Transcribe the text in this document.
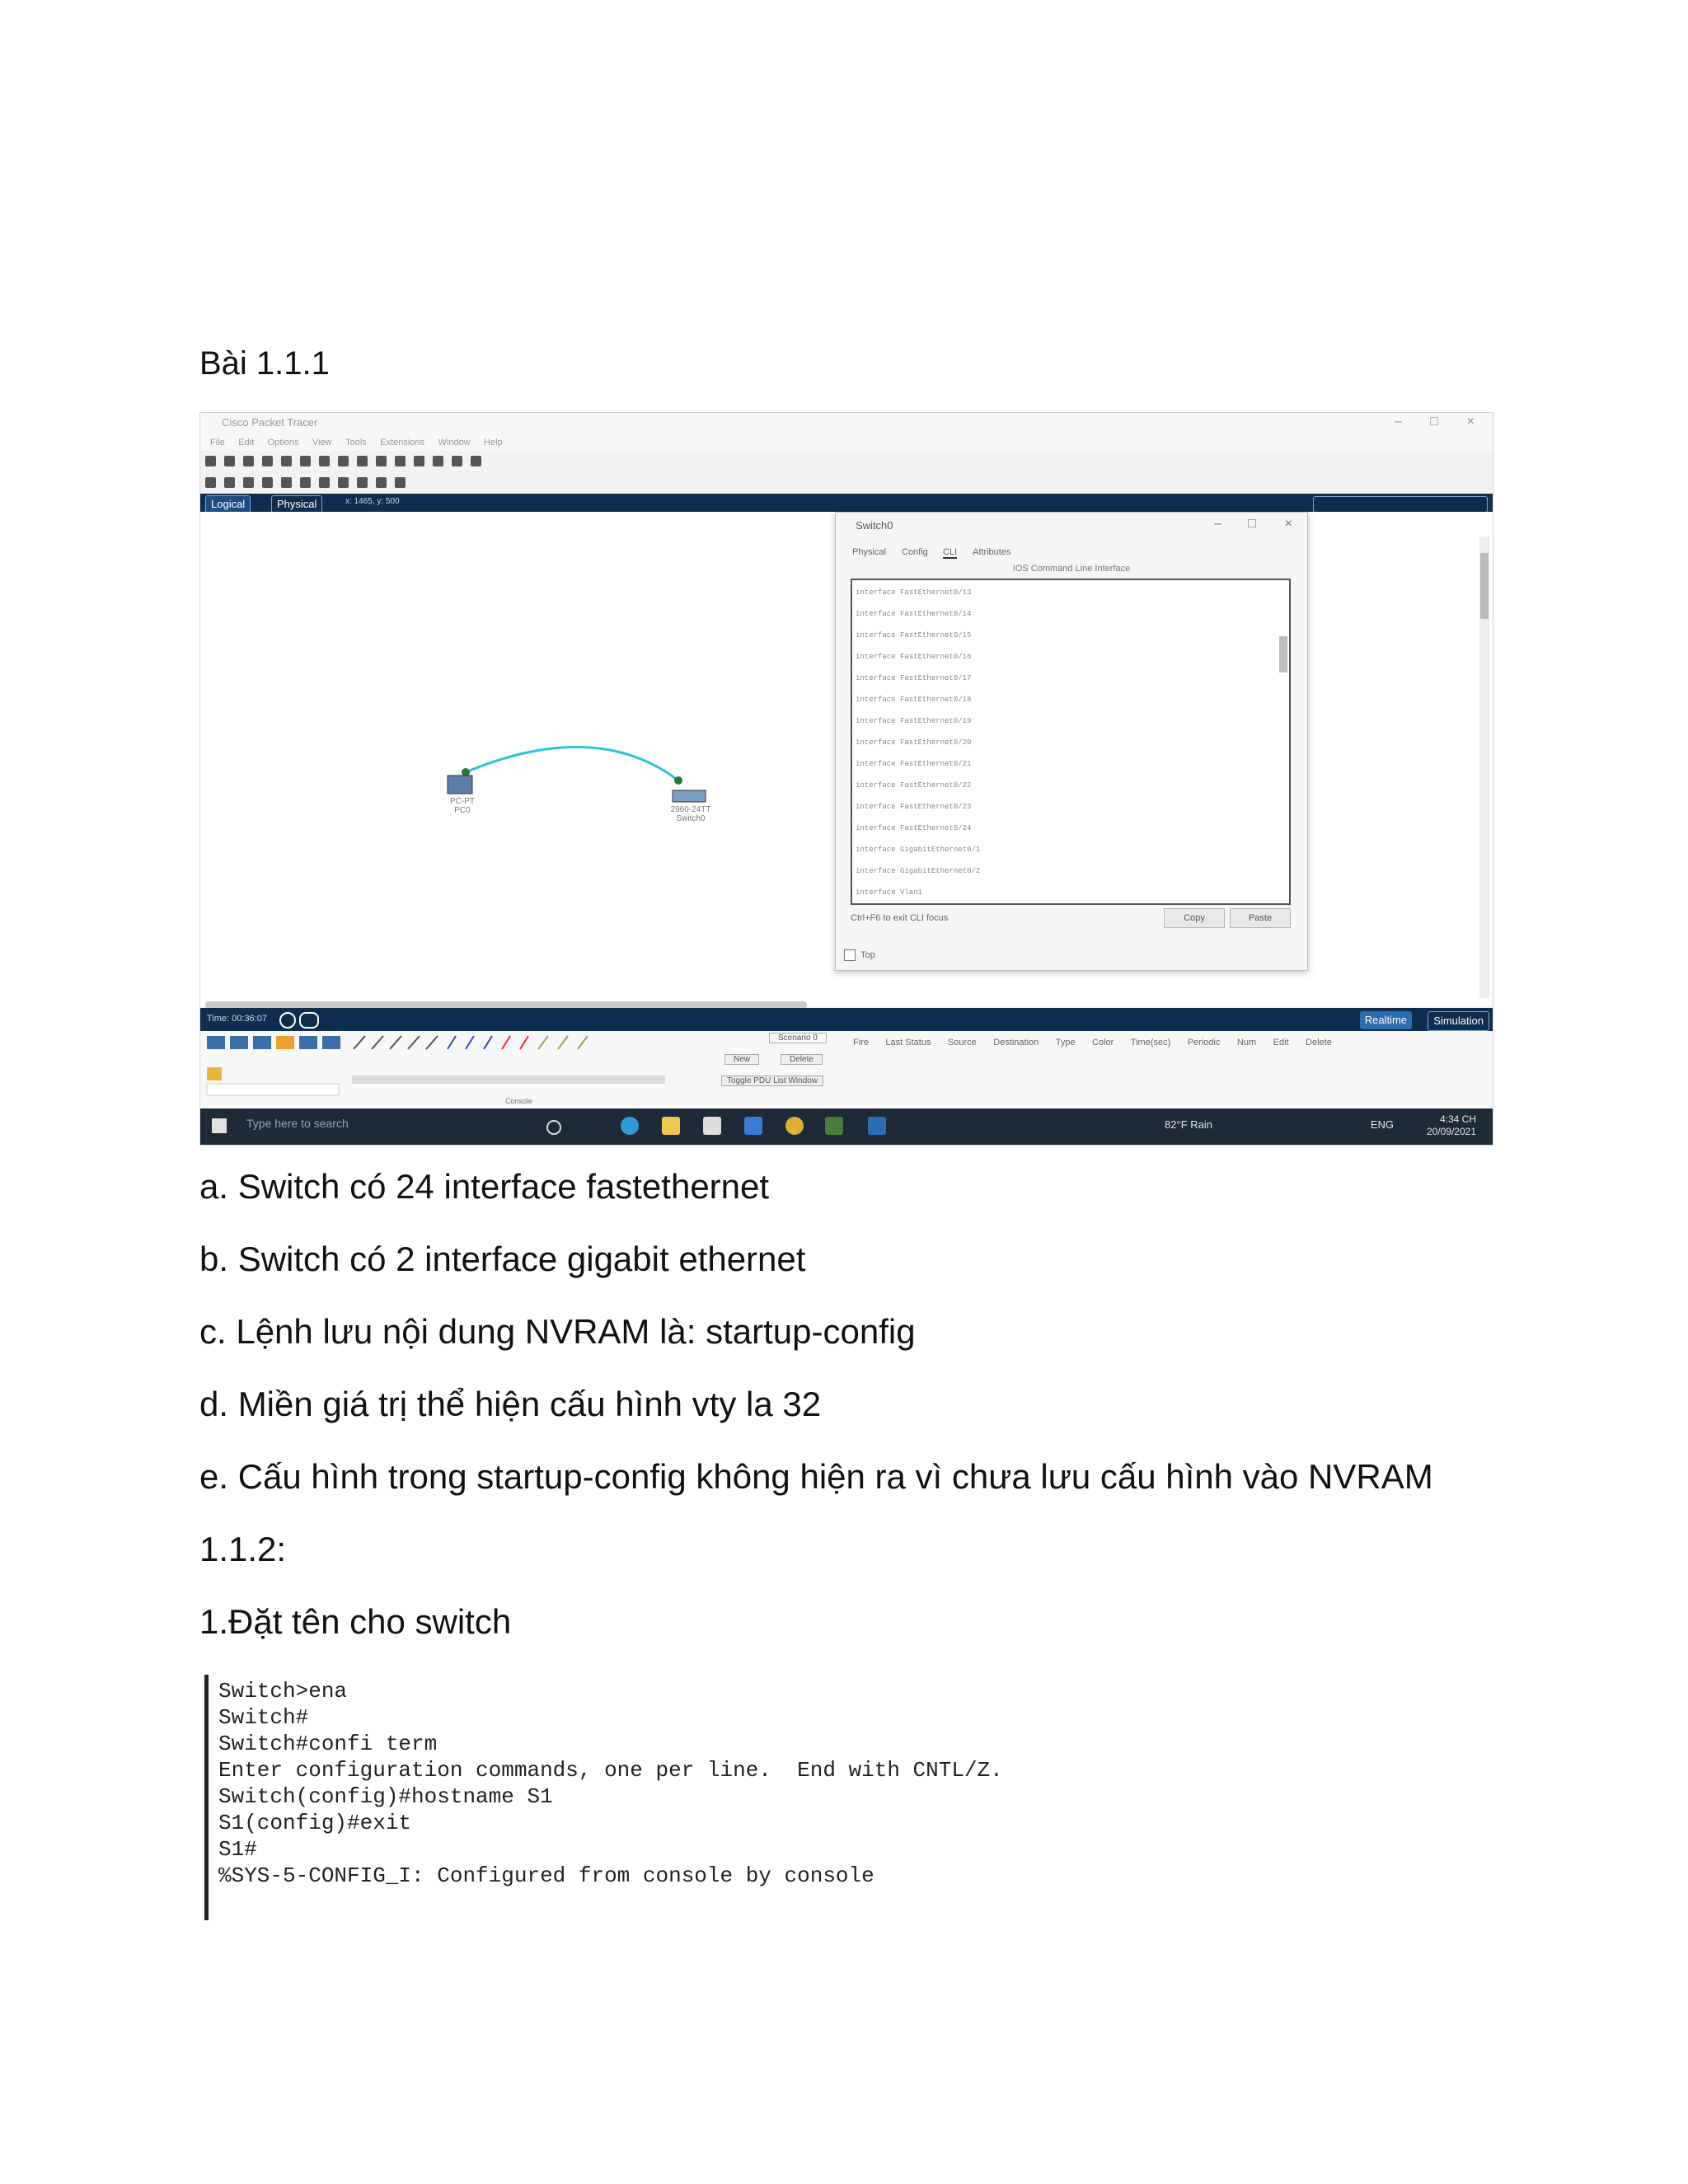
Bài 1.1.1
Cisco Packet Tracer	– □ ×
File Edit Options View Tools Extensions Window Help
Logical	Physical	x: 1465, y: 500
PC-PT
PC0	2960-24TT
Switch0
Switch0	– □ ×
Physical Config CLI Attributes
IOS Command Line Interface
interface FastEthernet0/13
interface FastEthernet0/14
interface FastEthernet0/15
interface FastEthernet0/16
interface FastEthernet0/17
interface FastEthernet0/18
interface FastEthernet0/19
interface FastEthernet0/20
interface FastEthernet0/21
interface FastEthernet0/22
interface FastEthernet0/23
interface FastEthernet0/24
interface GigabitEthernet0/1
interface GigabitEthernet0/2
interface Vlan1
Ctrl+F6 to exit CLI focus	Copy	Paste
Top
Time: 00:36:07	Realtime	Simulation
Console
Scenario 0
New	Delete
Toggle PDU List Window
Fire Last Status Source Destination Type Color Time(sec) Periodic Num Edit Delete
Type here to search	82°F Rain	ENG	4:34 CH
20/09/2021
a. Switch có 24 interface fastethernet
b. Switch có 2 interface gigabit ethernet
c. Lệnh lưu nội dung NVRAM là: startup-config
d. Miền giá trị thể hiện cấu hình vty la 32
e. Cấu hình trong startup-config không hiện ra vì chưa lưu cấu hình vào NVRAM
1.1.2:
1.Đặt tên cho switch
Switch>ena
Switch#
Switch#confi term
Enter configuration commands, one per line.  End with CNTL/Z.
Switch(config)#hostname S1
S1(config)#exit
S1#
%SYS-5-CONFIG_I: Configured from console by console
